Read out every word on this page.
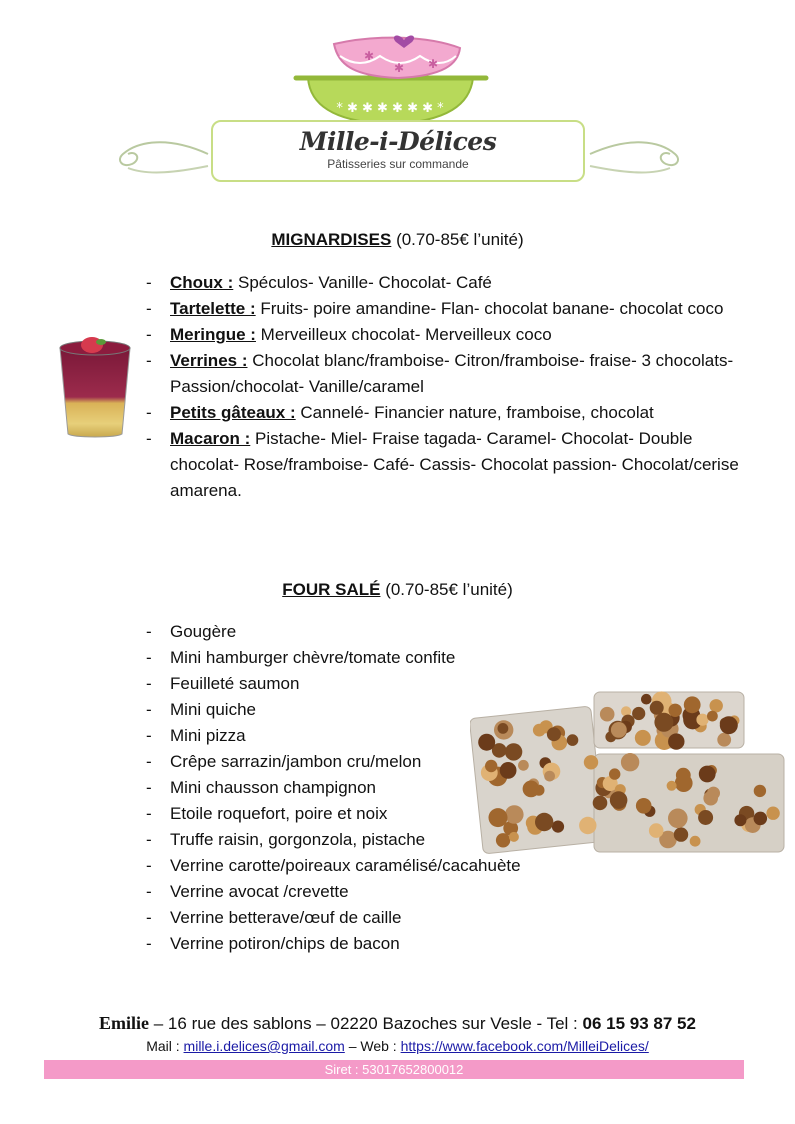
* ✱ ✱ ✱ ✱ ✱ ✱ *
✱
✱ ✱
Mille-i-Délices
Pâtisseries sur commande
MIGNARDISES (0.70-85€ l’unité)
- Choux : Spéculos- Vanille- Chocolat- Café
- Tartelette : Fruits- poire amandine- Flan- chocolat banane- chocolat coco
- Meringue : Merveilleux chocolat- Merveilleux coco
- Verrines : Chocolat blanc/framboise- Citron/framboise- fraise- 3 chocolats- Passion/chocolat- Vanille/caramel
- Petits gâteaux : Cannelé- Financier nature, framboise, chocolat
- Macaron : Pistache- Miel- Fraise tagada- Caramel- Chocolat- Double chocolat- Rose/framboise- Café- Cassis- Chocolat passion- Chocolat/cerise amarena.
FOUR SALÉ (0.70-85€ l’unité)
- Gougère
- Mini hamburger chèvre/tomate confite
- Feuilleté saumon
- Mini quiche
- Mini pizza
- Crêpe sarrazin/jambon cru/melon
- Mini chausson champignon
- Etoile roquefort, poire et noix
- Truffe raisin, gorgonzola, pistache
- Verrine carotte/poireaux caramélisé/cacahuète
- Verrine avocat /crevette
- Verrine betterave/œuf de caille
- Verrine potiron/chips de bacon
Emilie – 16 rue des sablons – 02220 Bazoches sur Vesle - Tel : 06 15 93 87 52
Mail : mille.i.delices@gmail.com – Web : https://www.facebook.com/MilleiDelices/
Siret : 53017652800012
